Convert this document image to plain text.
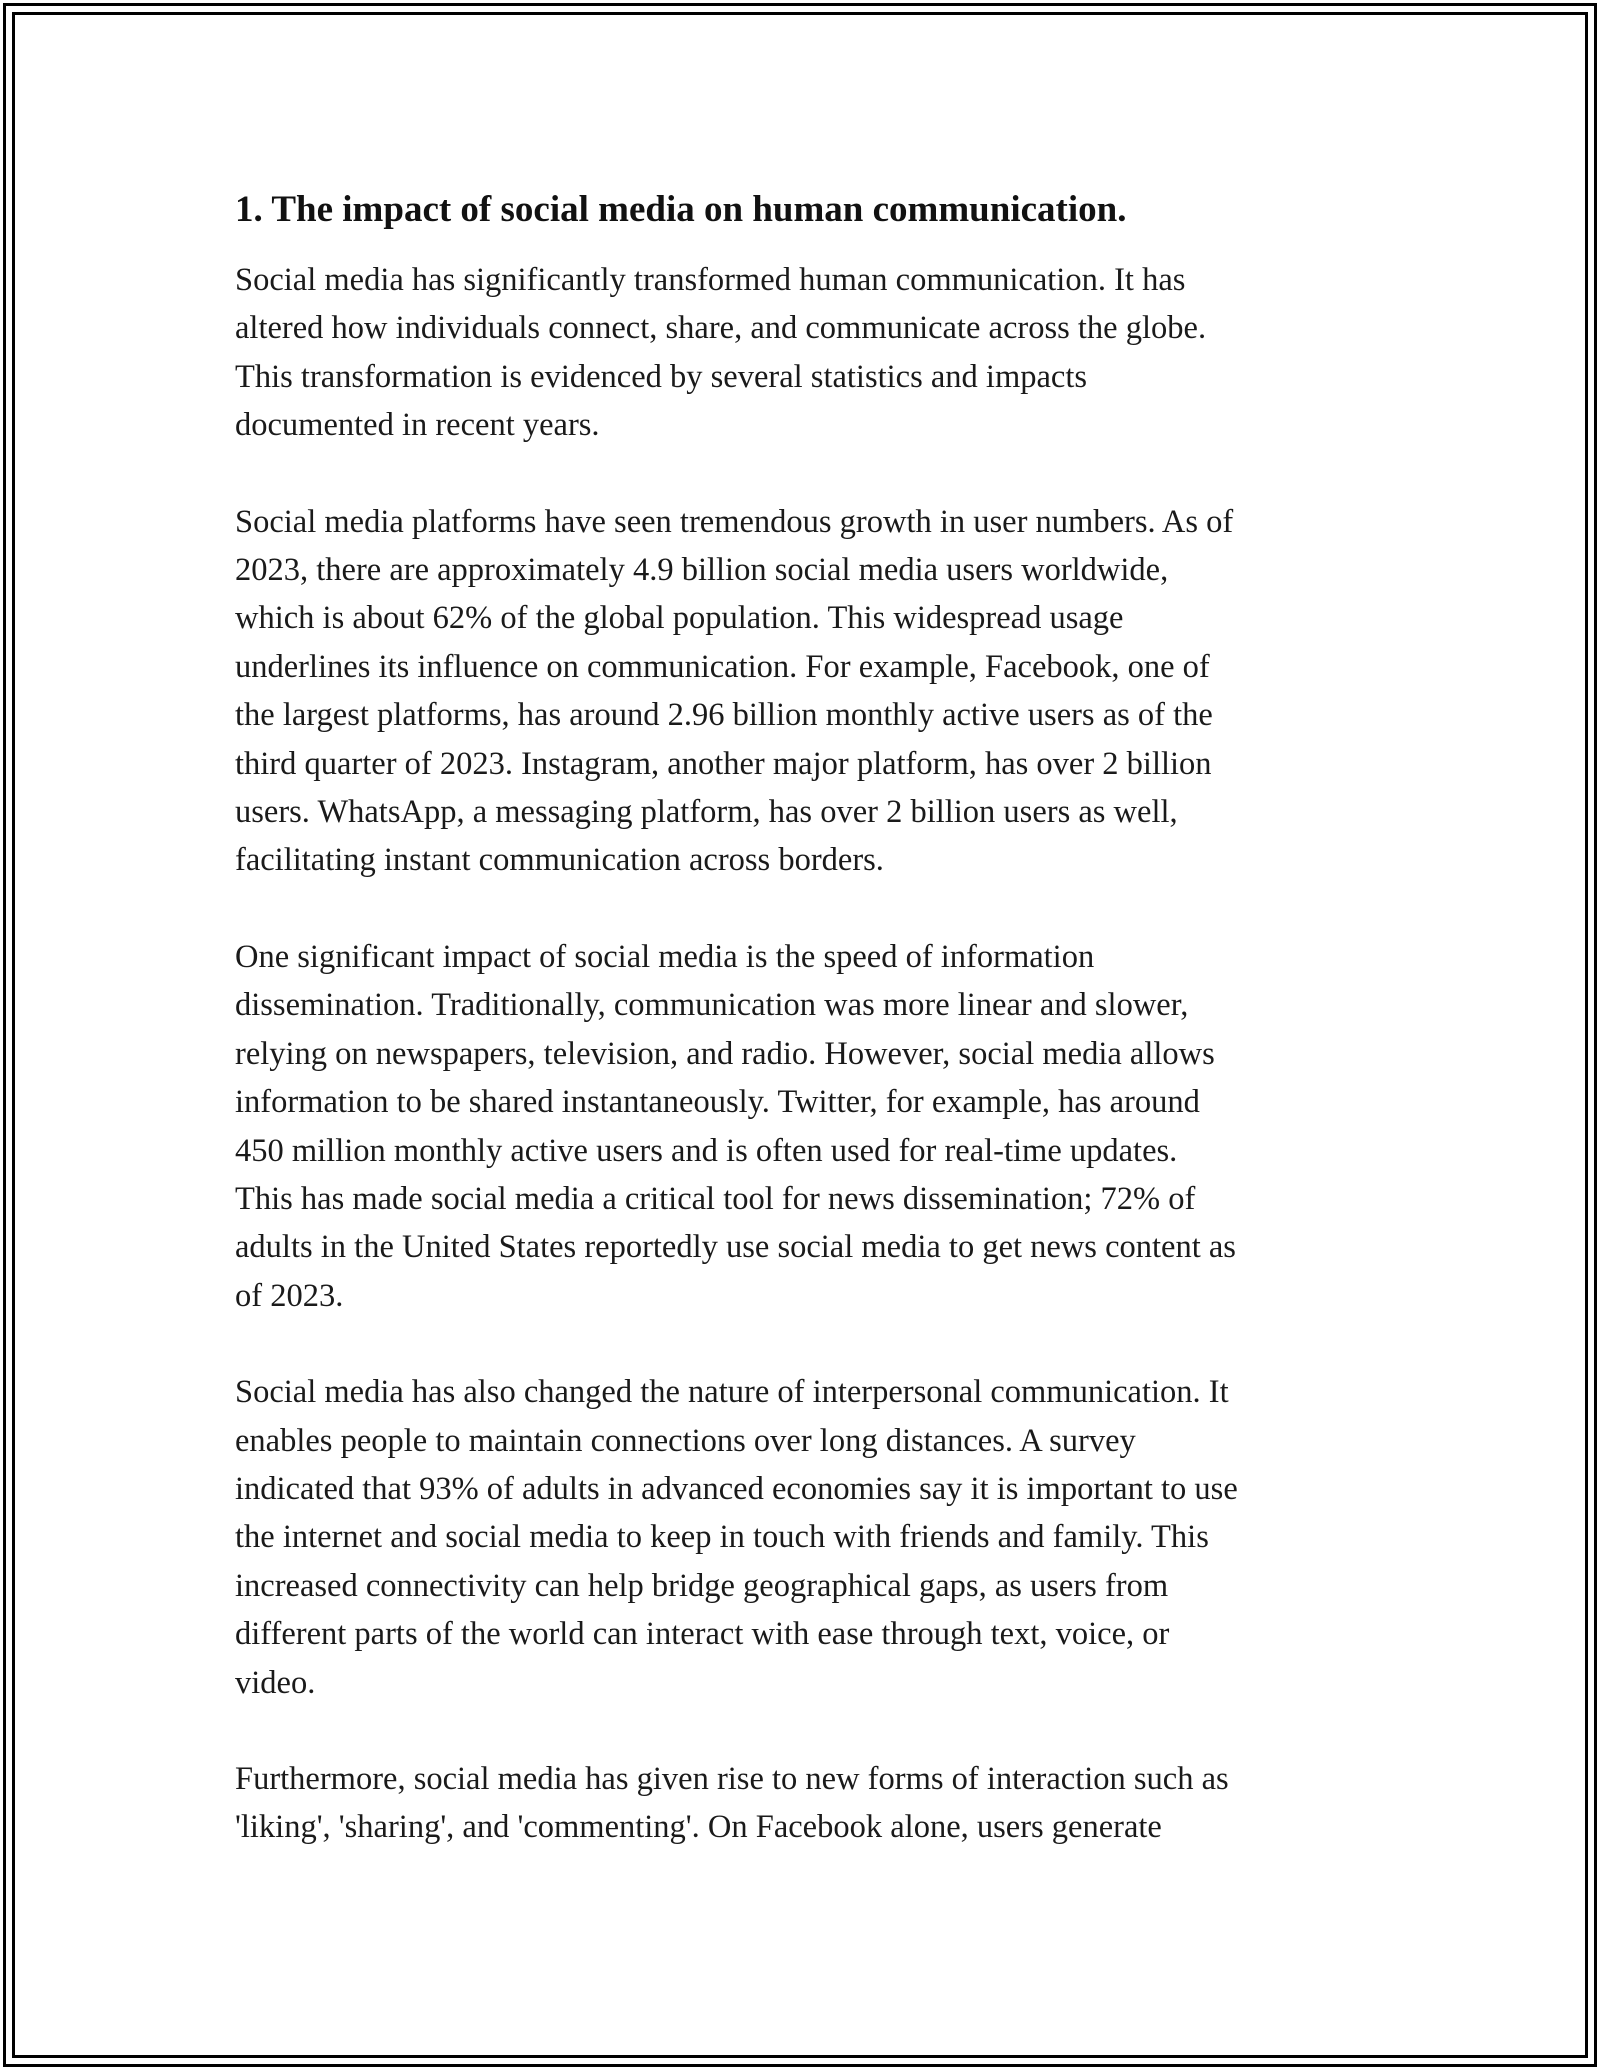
1. The impact of social media on human communication.

Social media has significantly transformed human communication. It has
altered how individuals connect, share, and communicate across the globe.
This transformation is evidenced by several statistics and impacts
documented in recent years.

Social media platforms have seen tremendous growth in user numbers. As of
2023, there are approximately 4.9 billion social media users worldwide,
which is about 62% of the global population. This widespread usage
underlines its influence on communication. For example, Facebook, one of
the largest platforms, has around 2.96 billion monthly active users as of the
third quarter of 2023. Instagram, another major platform, has over 2 billion
users. WhatsApp, a messaging platform, has over 2 billion users as well,
facilitating instant communication across borders.

One significant impact of social media is the speed of information
dissemination. Traditionally, communication was more linear and slower,
relying on newspapers, television, and radio. However, social media allows
information to be shared instantaneously. Twitter, for example, has around
450 million monthly active users and is often used for real-time updates.
This has made social media a critical tool for news dissemination; 72% of
adults in the United States reportedly use social media to get news content as
of 2023.

Social media has also changed the nature of interpersonal communication. It
enables people to maintain connections over long distances. A survey
indicated that 93% of adults in advanced economies say it is important to use
the internet and social media to keep in touch with friends and family. This
increased connectivity can help bridge geographical gaps, as users from
different parts of the world can interact with ease through text, voice, or
video.

Furthermore, social media has given rise to new forms of interaction such as
'liking', 'sharing', and 'commenting'. On Facebook alone, users generate
